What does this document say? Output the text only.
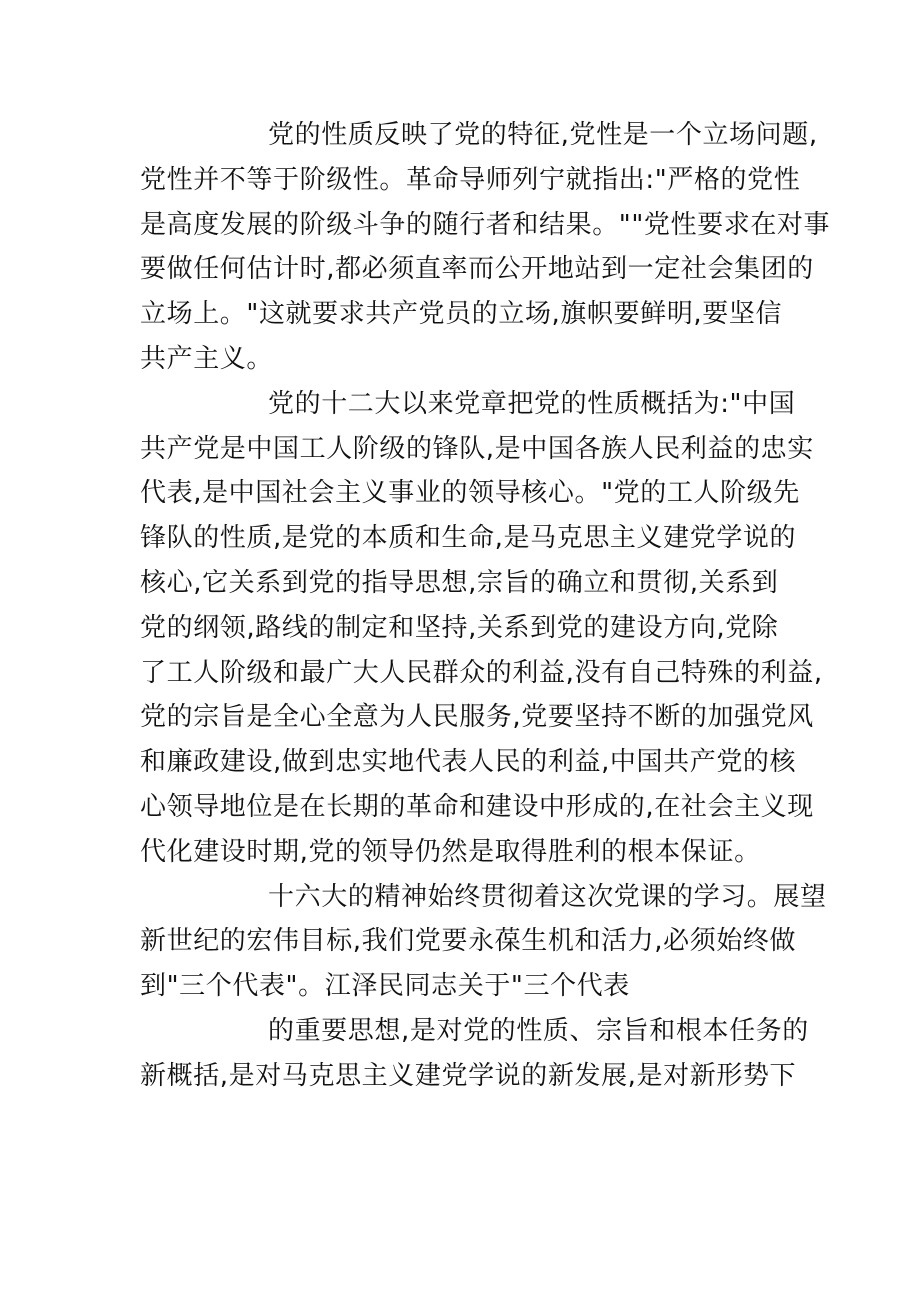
党的性质反映了党的特征,党性是一个立场问题,
党性并不等于阶级性。革命导师列宁就指出:"严格的党性
是高度发展的阶级斗争的随行者和结果。""党性要求在对事
要做任何估计时,都必须直率而公开地站到一定社会集团的
立场上。"这就要求共产党员的立场,旗帜要鲜明,要坚信
共产主义。
党的十二大以来党章把党的性质概括为:"中国
共产党是中国工人阶级的锋队,是中国各族人民利益的忠实
代表,是中国社会主义事业的领导核心。"党的工人阶级先
锋队的性质,是党的本质和生命,是马克思主义建党学说的
核心,它关系到党的指导思想,宗旨的确立和贯彻,关系到
党的纲领,路线的制定和坚持,关系到党的建设方向,党除
了工人阶级和最广大人民群众的利益,没有自己特殊的利益,
党的宗旨是全心全意为人民服务,党要坚持不断的加强党风
和廉政建设,做到忠实地代表人民的利益,中国共产党的核
心领导地位是在长期的革命和建设中形成的,在社会主义现
代化建设时期,党的领导仍然是取得胜利的根本保证。
十六大的精神始终贯彻着这次党课的学习。展望
新世纪的宏伟目标,我们党要永葆生机和活力,必须始终做
到"三个代表"。江泽民同志关于"三个代表
的重要思想,是对党的性质、宗旨和根本任务的
新概括,是对马克思主义建党学说的新发展,是对新形势下
